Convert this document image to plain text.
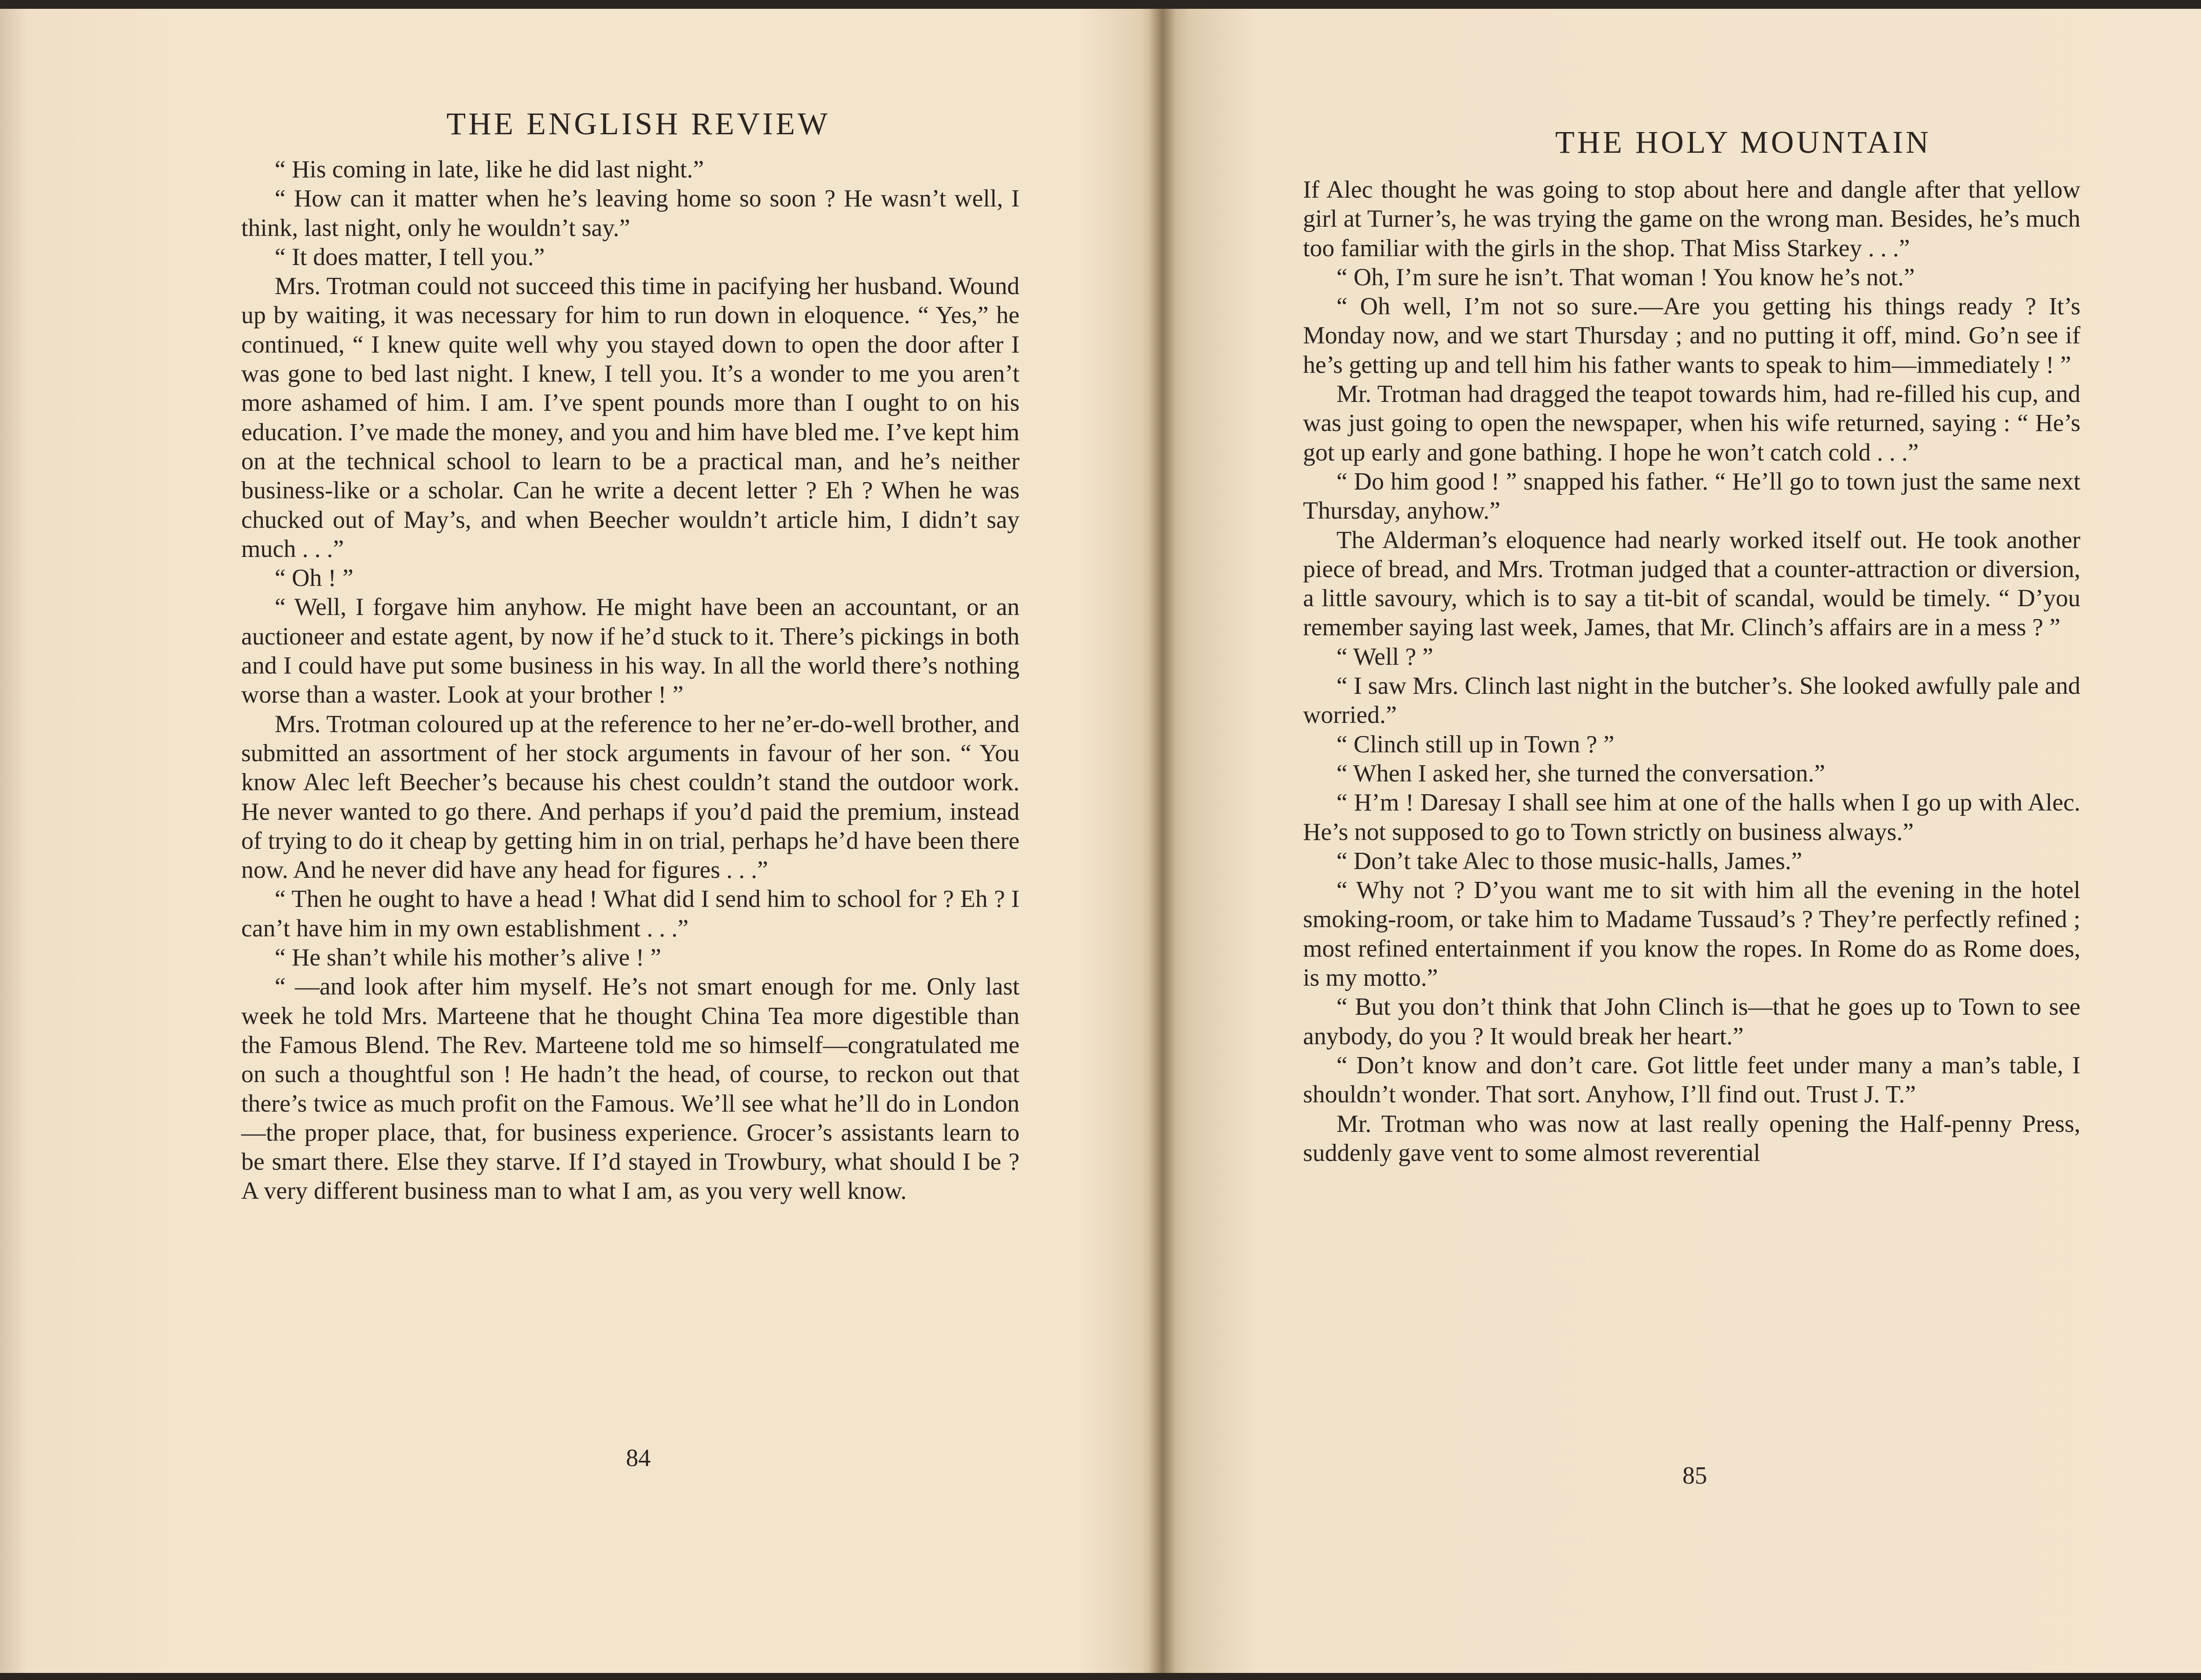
THE ENGLISH REVIEW

“ His coming in late, like he did last night.”

“ How can it matter when he’s leaving home so soon ? He wasn’t well, I think, last night, only he wouldn’t say.”

“ It does matter, I tell you.”

Mrs. Trotman could not succeed this time in pacifying her husband. Wound up by waiting, it was necessary for him to run down in eloquence. “ Yes,” he continued, “ I knew quite well why you stayed down to open the door after I was gone to bed last night. I knew, I tell you. It’s a wonder to me you aren’t more ashamed of him. I am. I’ve spent pounds more than I ought to on his education. I’ve made the money, and you and him have bled me. I’ve kept him on at the technical school to learn to be a practical man, and he’s neither business-like or a scholar. Can he write a decent letter ? Eh ? When he was chucked out of May’s, and when Beecher wouldn’t article him, I didn’t say much . . .”

“ Oh ! ”

“ Well, I forgave him anyhow. He might have been an accountant, or an auctioneer and estate agent, by now if he’d stuck to it. There’s pickings in both and I could have put some business in his way. In all the world there’s nothing worse than a waster. Look at your brother ! ”

Mrs. Trotman coloured up at the reference to her ne’er-do-well brother, and submitted an assortment of her stock arguments in favour of her son. “ You know Alec left Beecher’s because his chest couldn’t stand the outdoor work. He never wanted to go there. And perhaps if you’d paid the premium, instead of trying to do it cheap by getting him in on trial, perhaps he’d have been there now. And he never did have any head for figures . . .”

“ Then he ought to have a head ! What did I send him to school for ? Eh ? I can’t have him in my own establishment . . .”

“ He shan’t while his mother’s alive ! ”

“ —and look after him myself. He’s not smart enough for me. Only last week he told Mrs. Marteene that he thought China Tea more digestible than the Famous Blend. The Rev. Marteene told me so himself—congratulated me on such a thoughtful son ! He hadn’t the head, of course, to reckon out that there’s twice as much profit on the Famous. We’ll see what he’ll do in London—the proper place, that, for business experience. Grocer’s assistants learn to be smart there. Else they starve. If I’d stayed in Trowbury, what should I be ? A very different business man to what I am, as you very well know.

84
THE HOLY MOUNTAIN

If Alec thought he was going to stop about here and dangle after that yellow girl at Turner’s, he was trying the game on the wrong man. Besides, he’s much too familiar with the girls in the shop. That Miss Starkey . . .”

“ Oh, I’m sure he isn’t. That woman ! You know he’s not.”

“ Oh well, I’m not so sure.—Are you getting his things ready ? It’s Monday now, and we start Thursday ; and no putting it off, mind. Go’n see if he’s getting up and tell him his father wants to speak to him—immediately ! ”

Mr. Trotman had dragged the teapot towards him, had re-filled his cup, and was just going to open the newspaper, when his wife returned, saying : “ He’s got up early and gone bathing. I hope he won’t catch cold . . .”

“ Do him good ! ” snapped his father. “ He’ll go to town just the same next Thursday, anyhow.”

The Alderman’s eloquence had nearly worked itself out. He took another piece of bread, and Mrs. Trotman judged that a counter-attraction or diversion, a little savoury, which is to say a tit-bit of scandal, would be timely. “ D’you remember saying last week, James, that Mr. Clinch’s affairs are in a mess ? ”

“ Well ? ”

“ I saw Mrs. Clinch last night in the butcher’s. She looked awfully pale and worried.”

“ Clinch still up in Town ? ”

“ When I asked her, she turned the conversation.”

“ H’m ! Daresay I shall see him at one of the halls when I go up with Alec. He’s not supposed to go to Town strictly on business always.”

“ Don’t take Alec to those music-halls, James.”

“ Why not ? D’you want me to sit with him all the evening in the hotel smoking-room, or take him to Madame Tussaud’s ? They’re perfectly refined ; most refined entertainment if you know the ropes. In Rome do as Rome does, is my motto.”

“ But you don’t think that John Clinch is—that he goes up to Town to see anybody, do you ? It would break her heart.”

“ Don’t know and don’t care. Got little feet under many a man’s table, I shouldn’t wonder. That sort. Anyhow, I’ll find out. Trust J. T.”

Mr. Trotman who was now at last really opening the Half-penny Press, suddenly gave vent to some almost reverential

85
